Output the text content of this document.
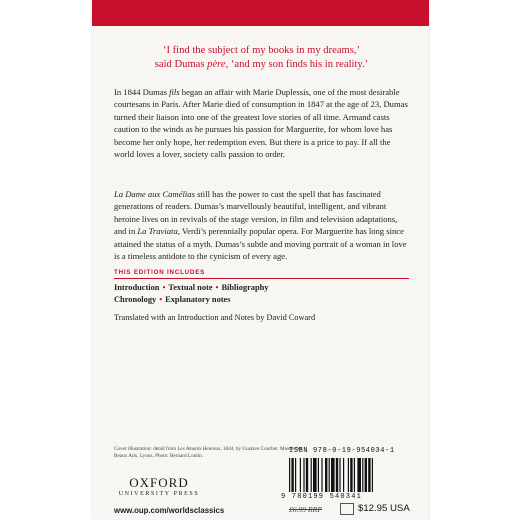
‘I find the subject of my books in my dreams,’
said Dumas père, ‘and my son finds his in reality.’

In 1844 Dumas fils began an affair with Marie Duplessis, one of the most desirable courtesans in Paris. After Marie died of consumption in 1847 at the age of 23, Dumas turned their liaison into one of the greatest love stories of all time. Armand casts caution to the winds as he pursues his passion for Marguerite, for whom love has become her only hope, her redemption even. But there is a price to pay. If all the world loves a lover, society calls passion to order.

La Dame aux Camélias still has the power to cast the spell that has fascinated generations of readers. Dumas’s marvellously beautiful, intelligent, and vibrant heroine lives on in revivals of the stage version, in film and television adaptations, and in La Traviata, Verdi’s perennially popular opera. For Marguerite has long since attained the status of a myth. Dumas’s subtle and moving portrait of a woman in love is a timeless antidote to the cynicism of every age.

THIS EDITION INCLUDES
Introduction • Textual note • Bibliography
Chronology • Explanatory notes
Translated with an Introduction and Notes by David Coward
Cover illustration: detail from Les Amants Heureux, 1844, by Gustave Courbet. Musée des Beaux Arts, Lyons. Photo: Bernard Lontin.
OXFORD
UNIVERSITY PRESS
www.oup.com/worldsclassics
ISBN 978-0-19-954034-1
9 780199 540341
£6.99 RRP	$12.95 USA
